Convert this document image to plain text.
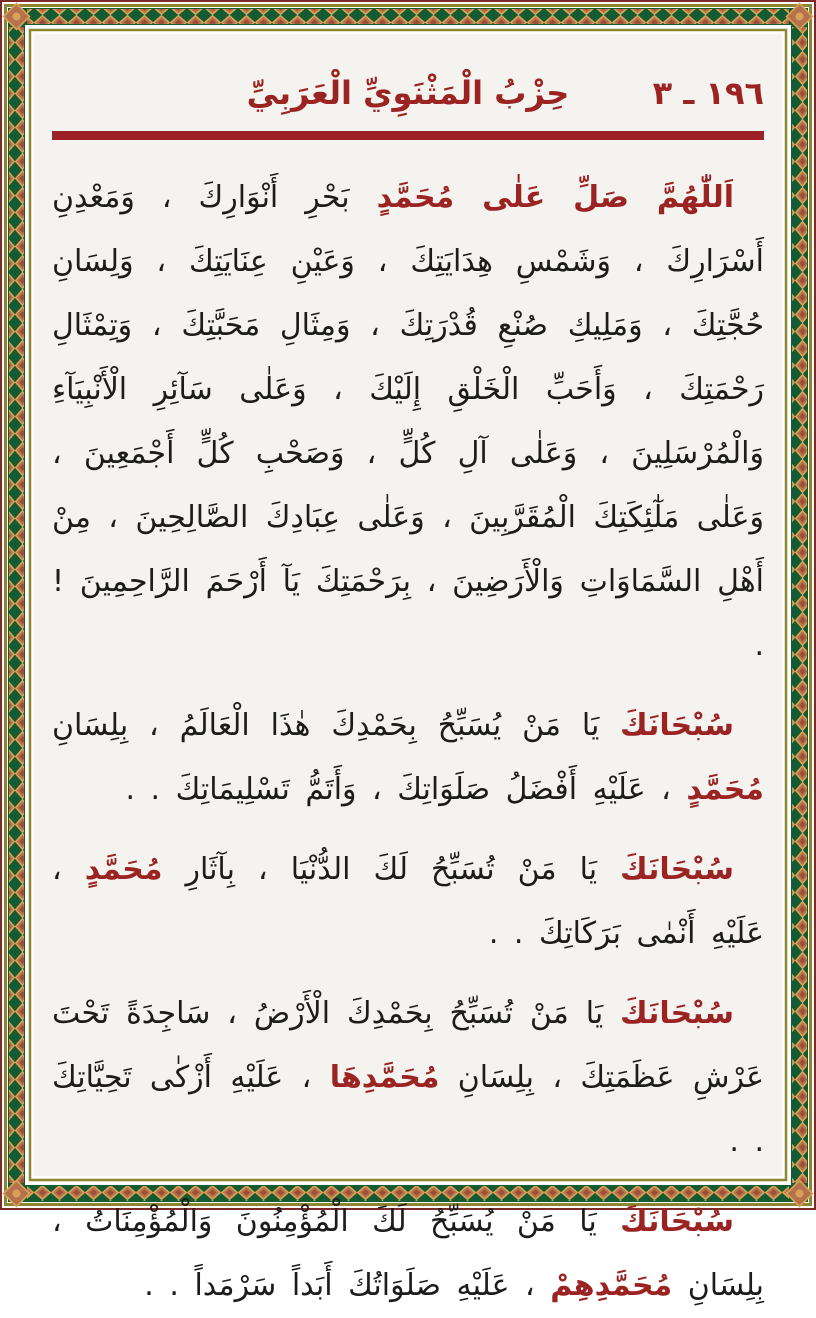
حِزْبُ الْمَثْنَوِيِّ الْعَرَبِيِّ	١٩٦ ـ ٣

اَللّٰهُمَّ صَلِّ عَلٰى مُحَمَّدٍ بَحْرِ أَنْوَارِكَ ، وَمَعْدِنِ أَسْرَارِكَ ، وَشَمْسِ هِدَايَتِكَ ، وَعَيْنِ عِنَايَتِكَ ، وَلِسَانِ حُجَّتِكَ ، وَمَلِيكِ صُنْعِ قُدْرَتِكَ ، وَمِثَالِ مَحَبَّتِكَ ، وَتِمْثَالِ رَحْمَتِكَ ، وَأَحَبِّ الْخَلْقِ إِلَيْكَ ، وَعَلٰى سَآئِرِ الْأَنْبِيَآءِ وَالْمُرْسَلِينَ ، وَعَلٰى آلِ كُلٍّ ، وَصَحْبِ كُلٍّ أَجْمَعِينَ ، وَعَلٰى مَلٰٓئِكَتِكَ الْمُقَرَّبِينَ ، وَعَلٰى عِبَادِكَ الصَّالِحِينَ ، مِنْ أَهْلِ السَّمَاوَاتِ وَالْأَرَضِينَ ، بِرَحْمَتِكَ يَآ أَرْحَمَ الرَّاحِمِينَ ! .

سُبْحَانَكَ يَا مَنْ يُسَبِّحُ بِحَمْدِكَ هٰذَا الْعَالَمُ ، بِلِسَانِ مُحَمَّدٍ ، عَلَيْهِ أَفْضَلُ صَلَوَاتِكَ ، وَأَتَمُّ تَسْلِيمَاتِكَ . .

سُبْحَانَكَ يَا مَنْ تُسَبِّحُ لَكَ الدُّنْيَا ، بِآثَارِ مُحَمَّدٍ ، عَلَيْهِ أَنْمٰى بَرَكَاتِكَ . .

سُبْحَانَكَ يَا مَنْ تُسَبِّحُ بِحَمْدِكَ الْأَرْضُ ، سَاجِدَةً تَحْتَ عَرْشِ عَظَمَتِكَ ، بِلِسَانِ مُحَمَّدِهَا ، عَلَيْهِ أَزْكٰى تَحِيَّاتِكَ . .

سُبْحَانَكَ يَا مَنْ يُسَبِّحُ لَكَ الْمُؤْمِنُونَ وَالْمُؤْمِنَاتُ ، بِلِسَانِ مُحَمَّدِهِمْ ، عَلَيْهِ صَلَوَاتُكَ أَبَداً سَرْمَداً . .
